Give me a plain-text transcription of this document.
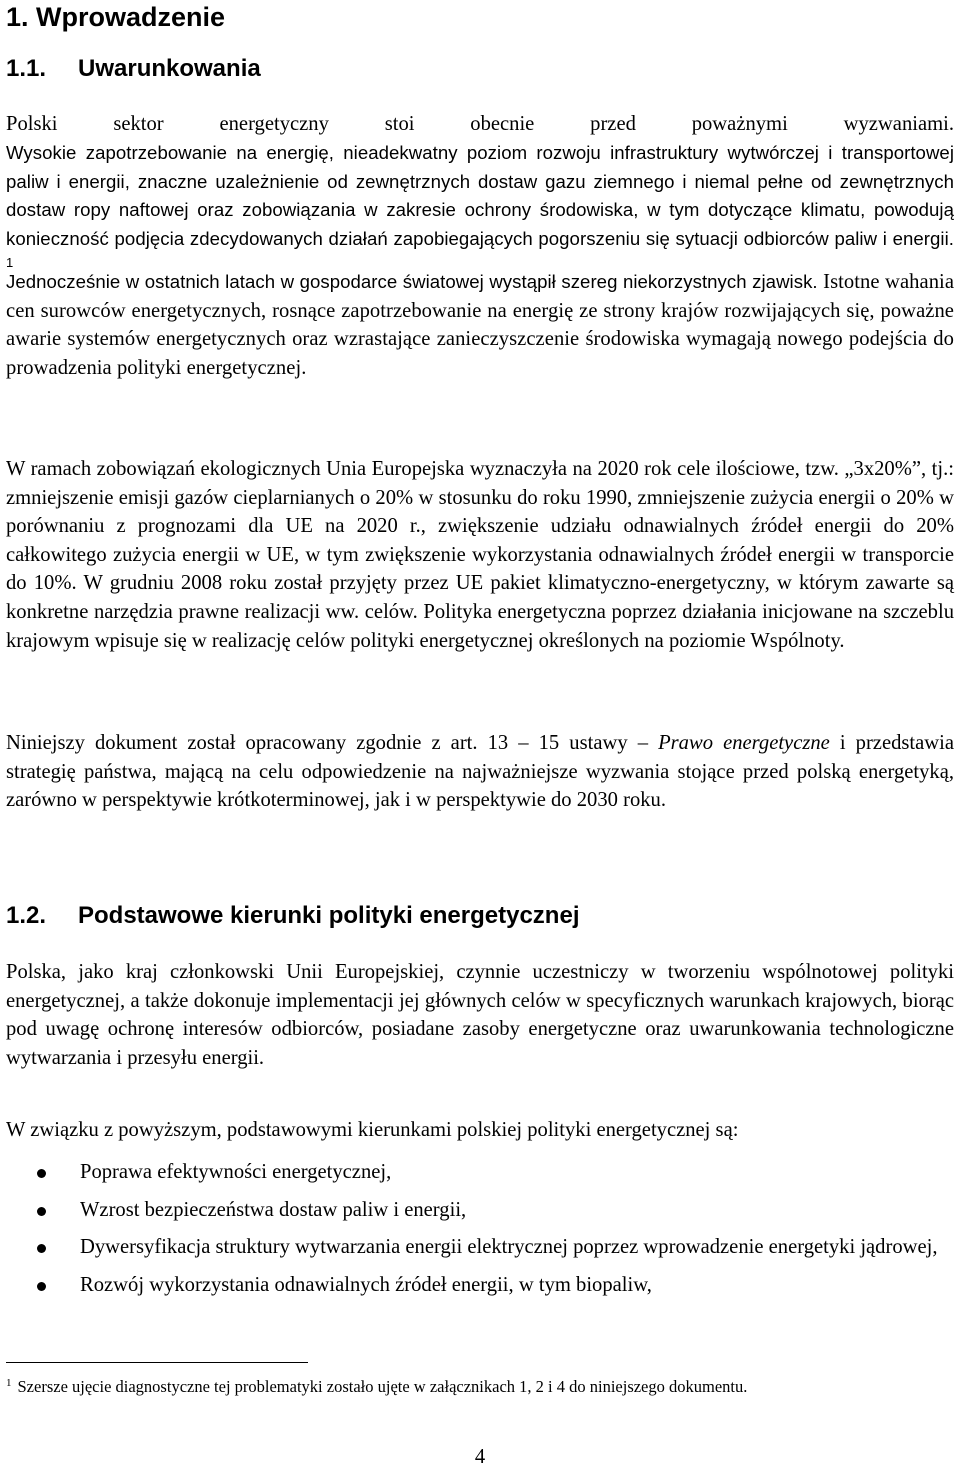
1. Wprowadzenie
1.1. Uwarunkowania

Polski sektor energetyczny stoi obecnie przed poważnymi wyzwaniami.

Wysokie zapotrzebowanie na energię, nieadekwatny poziom rozwoju infrastruktury wytwórczej i transportowej paliw i energii, znaczne uzależnienie od zewnętrznych dostaw gazu ziemnego i niemal pełne od zewnętrznych dostaw ropy naftowej oraz zobowiązania w zakresie ochrony środowiska, w tym dotyczące klimatu, powodują konieczność podjęcia zdecydowanych działań zapobiegających pogorszeniu się sytuacji odbiorców paliw i energii. $^1$

Jednocześnie w ostatnich latach w gospodarce światowej wystąpił szereg niekorzystnych zjawisk. Istotne wahania cen surowców energetycznych, rosnące zapotrzebowanie na energię ze strony krajów rozwijających się, poważne awarie systemów energetycznych oraz wzrastające zanieczyszczenie środowiska wymagają nowego podejścia do prowadzenia polityki energetycznej.

W ramach zobowiązań ekologicznych Unia Europejska wyznaczyła na 2020 rok cele ilościowe, tzw. „3x20%”, tj.: zmniejszenie emisji gazów cieplarnianych o 20% w stosunku do roku 1990, zmniejszenie zużycia energii o 20% w porównaniu z prognozami dla UE na 2020 r., zwiększenie udziału odnawialnych źródeł energii do 20% całkowitego zużycia energii w UE, w tym zwiększenie wykorzystania odnawialnych źródeł energii w transporcie do 10%. W grudniu 2008 roku został przyjęty przez UE pakiet klimatyczno-energetyczny, w którym zawarte są konkretne narzędzia prawne realizacji ww. celów. Polityka energetyczna poprzez działania inicjowane na szczeblu krajowym wpisuje się w realizację celów polityki energetycznej określonych na poziomie Wspólnoty.

Niniejszy dokument został opracowany zgodnie z art. 13 – 15 ustawy – Prawo energetyczne i przedstawia strategię państwa, mającą na celu odpowiedzenie na najważniejsze wyzwania stojące przed polską energetyką, zarówno w perspektywie krótkoterminowej, jak i w perspektywie do 2030 roku.

1.2. Podstawowe kierunki polityki energetycznej

Polska, jako kraj członkowski Unii Europejskiej, czynnie uczestniczy w tworzeniu wspólnotowej polityki energetycznej, a także dokonuje implementacji jej głównych celów w specyficznych warunkach krajowych, biorąc pod uwagę ochronę interesów odbiorców, posiadane zasoby energetyczne oraz uwarunkowania technologiczne wytwarzania i przesyłu energii.

W związku z powyższym, podstawowymi kierunkami polskiej polityki energetycznej są:

Poprawa efektywności energetycznej,
Wzrost bezpieczeństwa dostaw paliw i energii,
Dywersyfikacja struktury wytwarzania energii elektrycznej poprzez wprowadzenie energetyki jądrowej,
Rozwój wykorzystania odnawialnych źródeł energii, w tym biopaliw,

$^1$ Szersze ujęcie diagnostyczne tej problematyki zostało ujęte w załącznikach 1, 2 i 4 do niniejszego dokumentu.

4
